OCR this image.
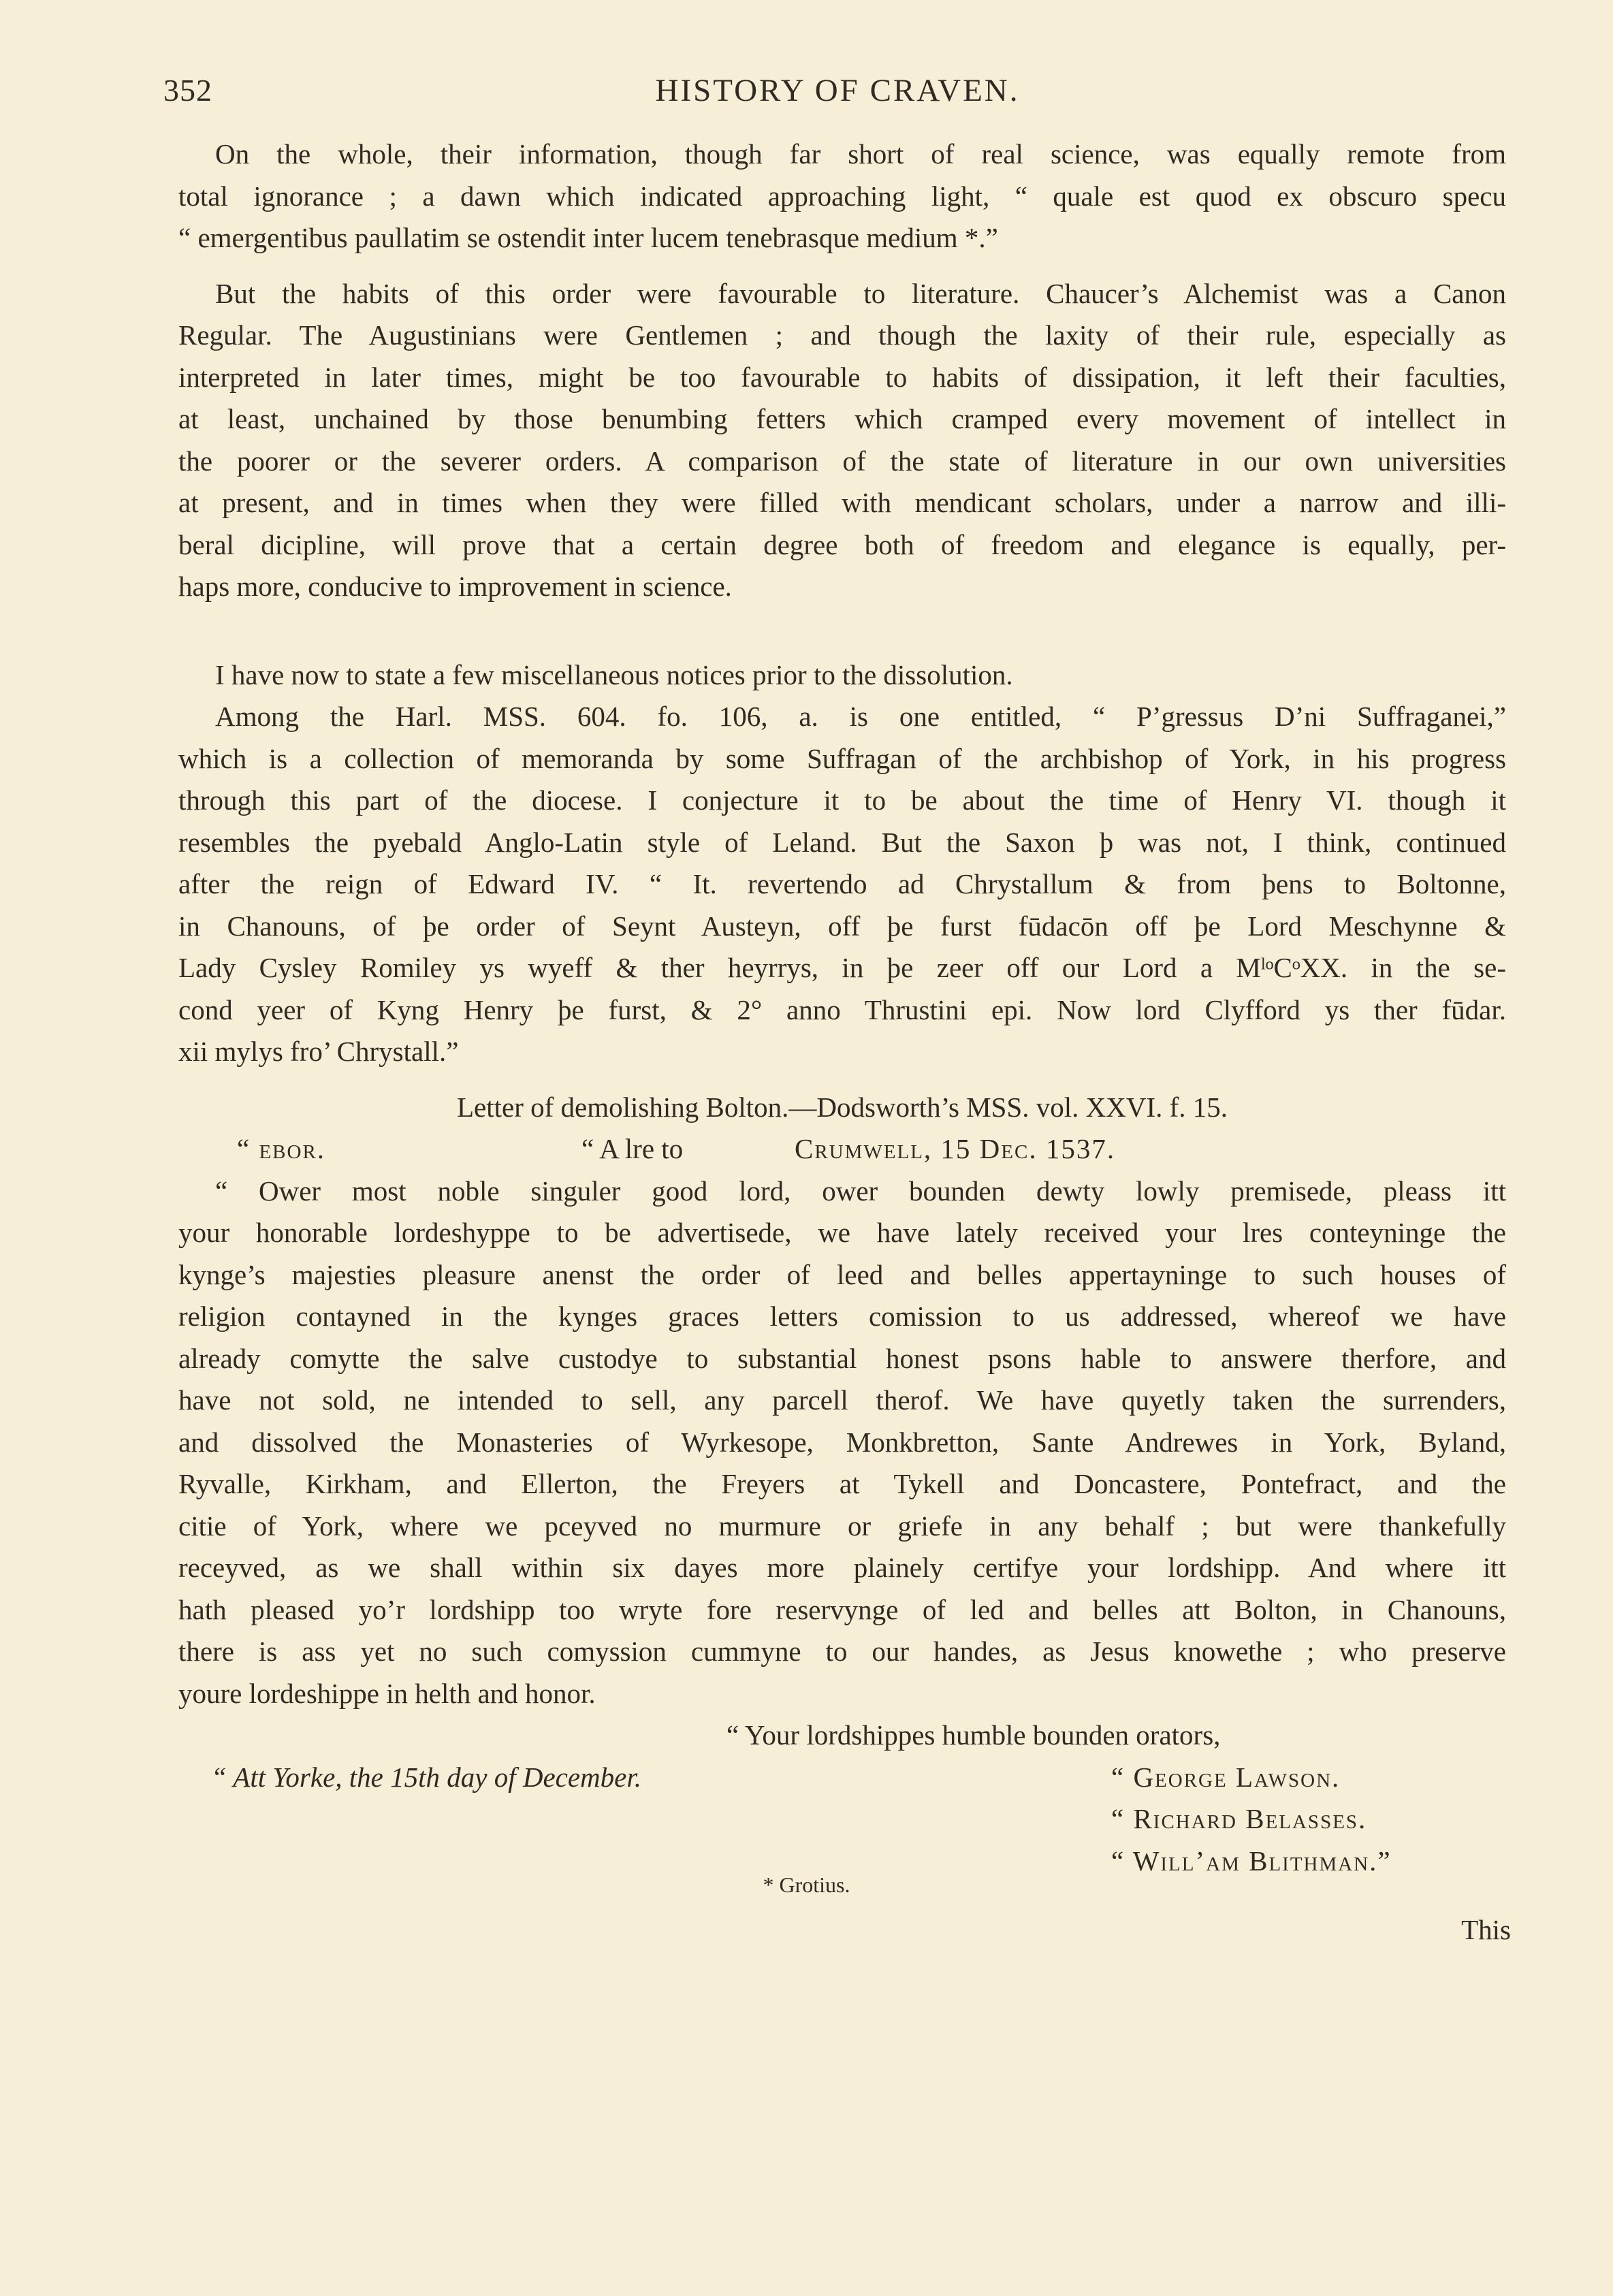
352	HISTORY OF CRAVEN.

On the whole, their information, though far short of real science, was equally remote from
total ignorance ; a dawn which indicated approaching light, “ quale est quod ex obscuro specu
“ emergentibus paullatim se ostendit inter lucem tenebrasque medium *.”

But the habits of this order were favourable to literature. Chaucer’s Alchemist was a Canon
Regular. The Augustinians were Gentlemen ; and though the laxity of their rule, especially as
interpreted in later times, might be too favourable to habits of dissipation, it left their faculties,
at least, unchained by those benumbing fetters which cramped every movement of intellect in
the poorer or the severer orders. A comparison of the state of literature in our own universities
at present, and in times when they were filled with mendicant scholars, under a narrow and illi-
beral dicipline, will prove that a certain degree both of freedom and elegance is equally, per-
haps more, conducive to improvement in science.

I have now to state a few miscellaneous notices prior to the dissolution.

Among the Harl. MSS. 604. fo. 106, a. is one entitled, “ P’gressus D’ni Suffraganei,”
which is a collection of memoranda by some Suffragan of the archbishop of York, in his progress
through this part of the diocese. I conjecture it to be about the time of Henry VI. though it
resembles the pyebald Anglo-Latin style of Leland. But the Saxon þ was not, I think, continued
after the reign of Edward IV. “ It. revertendo ad Chrystallum & from þens to Boltonne,
in Chanouns, of þe order of Seynt Austeyn, off þe furst fūdacōn off þe Lord Meschynne &
Lady Cysley Romiley ys wyeff & ther heyrrys, in þe zeer off our Lord a MˡᵒCᵒXX. in the se-
cond yeer of Kyng Henry þe furst, & 2° anno Thrustini epi. Now lord Clyfford ys ther fūdar.
xii mylys fro’ Chrystall.”

Letter of demolishing Bolton.—Dodsworth’s MSS. vol. XXVI. f. 15.
“ ebor.	“ A lre to	Crumwell, 15 Dec. 1537.

“ Ower most noble singuler good lord, ower bounden dewty lowly premisede, pleass itt
your honorable lordeshyppe to be advertisede, we have lately received your lres conteyninge the
kynge’s majesties pleasure anenst the order of leed and belles appertayninge to such houses of
religion contayned in the kynges graces letters comission to us addressed, whereof we have
already comytte the salve custodye to substantial honest psons hable to answere therfore, and
have not sold, ne intended to sell, any parcell therof. We have quyetly taken the surrenders,
and dissolved the Monasteries of Wyrkesope, Monkbretton, Sante Andrewes in York, Byland,
Ryvalle, Kirkham, and Ellerton, the Freyers at Tykell and Doncastere, Pontefract, and the
citie of York, where we pceyved no murmure or griefe in any behalf ; but were thankefully
receyved, as we shall within six dayes more plainely certifye your lordshipp. And where itt
hath pleased yo’r lordshipp too wryte fore reservynge of led and belles att Bolton, in Chanouns,
there is ass yet no such comyssion cummyne to our handes, as Jesus knowethe ; who preserve
youre lordeshippe in helth and honor.

“ Your lordshippes humble bounden orators,
“ Att Yorke, the 15th day of December.	“ George Lawson.
“ Richard Belasses.
“ Will’am Blithman.”
* Grotius.
This
